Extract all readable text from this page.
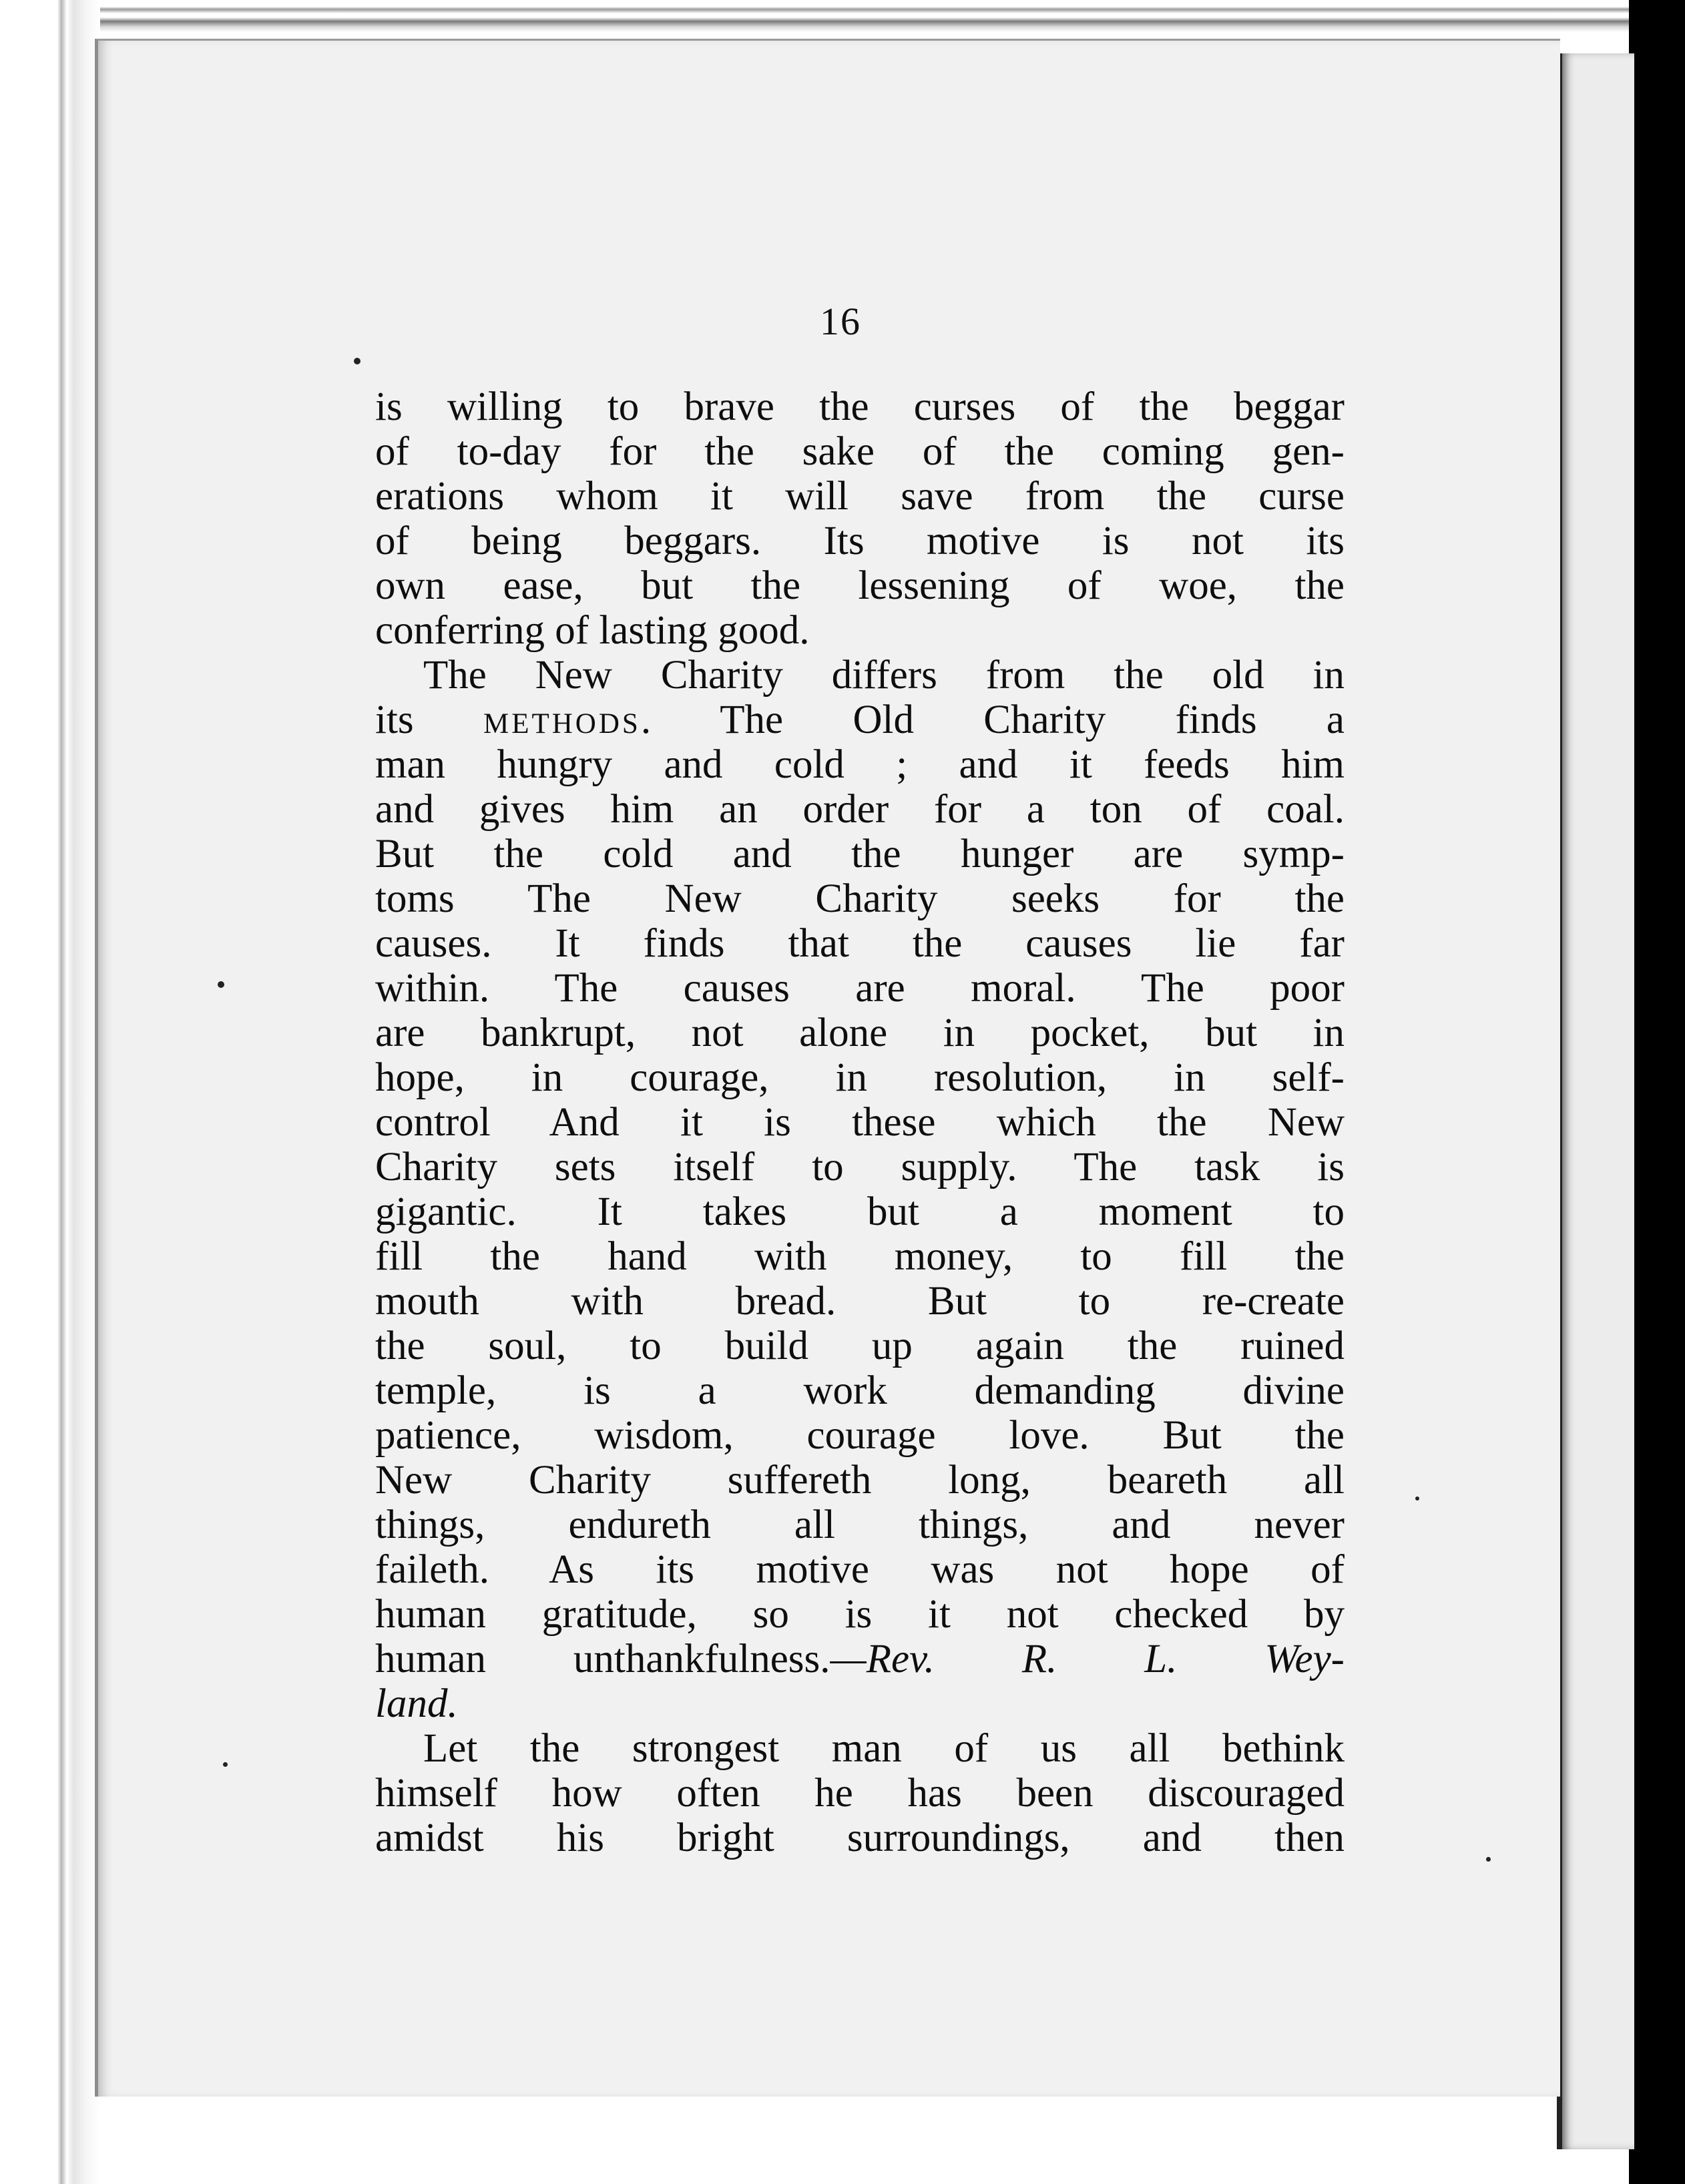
16
is willing to brave the curses of the beggar
of to-day for the sake of the coming gen-
erations whom it will save from the curse
of being beggars. Its motive is not its
own ease, but the lessening of woe, the
conferring of lasting good.
The New Charity differs from the old in
its methods. The Old Charity finds a
man hungry and cold ; and it feeds him
and gives him an order for a ton of coal.
But the cold and the hunger are symp-
toms The New Charity seeks for the
causes. It finds that the causes lie far
within. The causes are moral. The poor
are bankrupt, not alone in pocket, but in
hope, in courage, in resolution, in self-
control And it is these which the New
Charity sets itself to supply. The task is
gigantic. It takes but a moment to
fill the hand with money, to fill the
mouth with bread. But to re-create
the soul, to build up again the ruined
temple, is a work demanding divine
patience, wisdom, courage love. But the
New Charity suffereth long, beareth all
things, endureth all things, and never
faileth. As its motive was not hope of
human gratitude, so is it not checked by
human unthankfulness.—Rev. R. L. Wey-
land.
Let the strongest man of us all bethink
himself how often he has been discouraged
amidst his bright surroundings, and then
